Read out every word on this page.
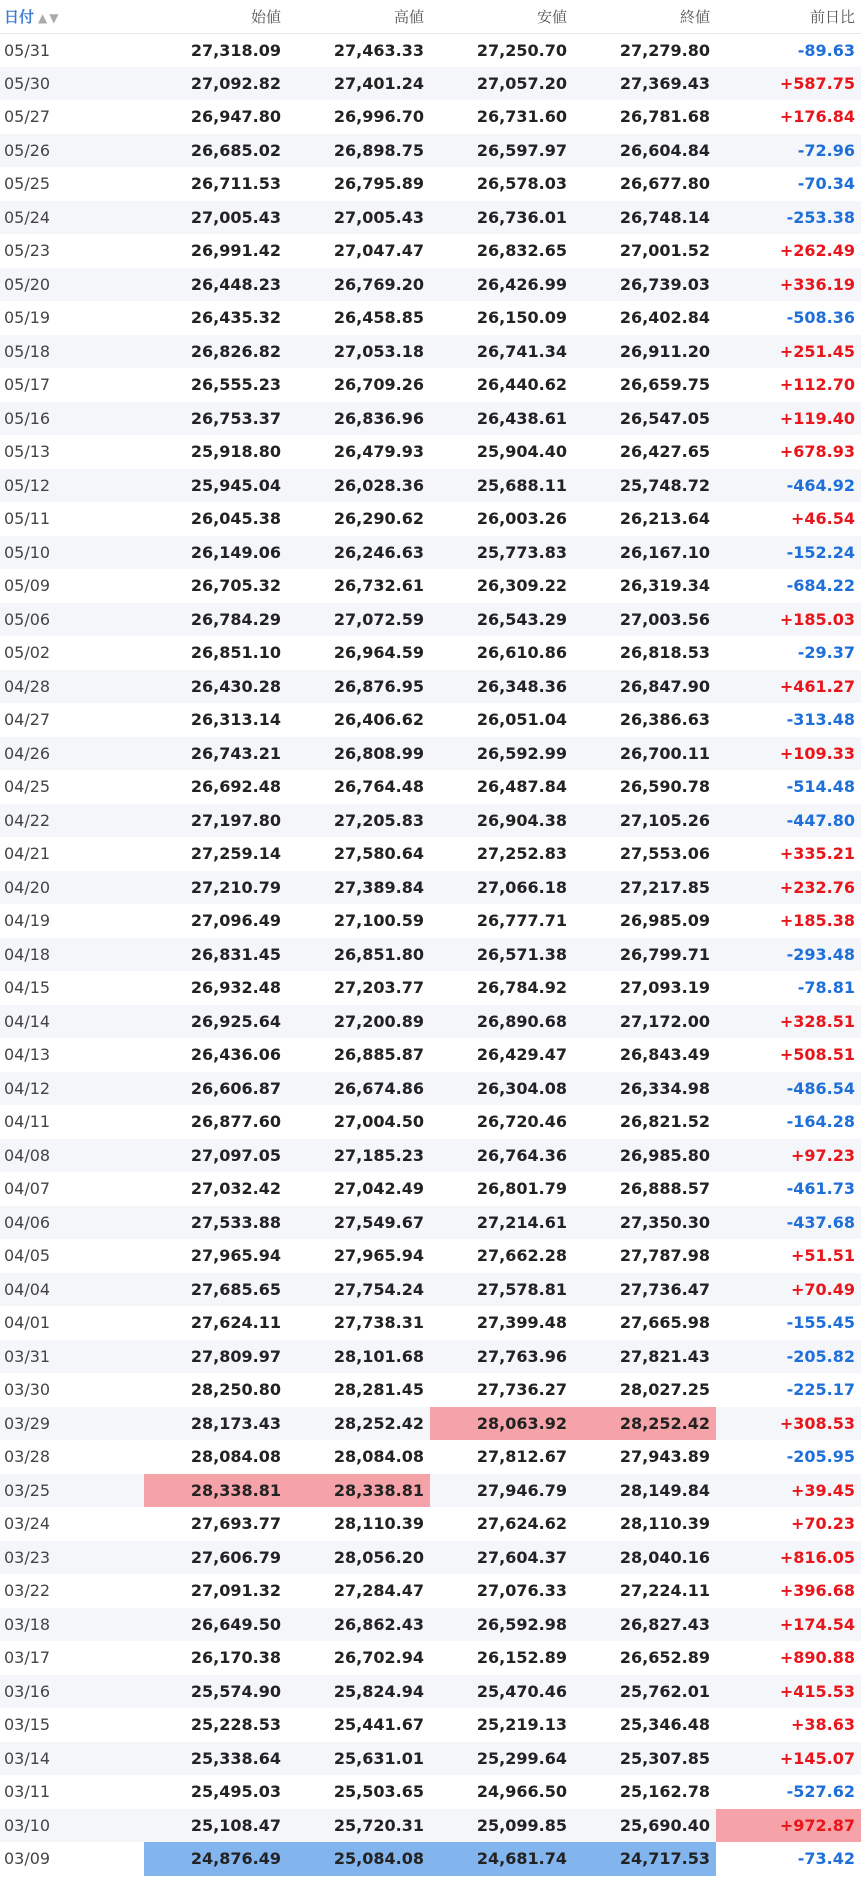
日付 ▲▼	始値	高値	安値	終値	前日比
05/31	27,318.09	27,463.33	27,250.70	27,279.80	-89.63
05/30	27,092.82	27,401.24	27,057.20	27,369.43	+587.75
05/27	26,947.80	26,996.70	26,731.60	26,781.68	+176.84
05/26	26,685.02	26,898.75	26,597.97	26,604.84	-72.96
05/25	26,711.53	26,795.89	26,578.03	26,677.80	-70.34
05/24	27,005.43	27,005.43	26,736.01	26,748.14	-253.38
05/23	26,991.42	27,047.47	26,832.65	27,001.52	+262.49
05/20	26,448.23	26,769.20	26,426.99	26,739.03	+336.19
05/19	26,435.32	26,458.85	26,150.09	26,402.84	-508.36
05/18	26,826.82	27,053.18	26,741.34	26,911.20	+251.45
05/17	26,555.23	26,709.26	26,440.62	26,659.75	+112.70
05/16	26,753.37	26,836.96	26,438.61	26,547.05	+119.40
05/13	25,918.80	26,479.93	25,904.40	26,427.65	+678.93
05/12	25,945.04	26,028.36	25,688.11	25,748.72	-464.92
05/11	26,045.38	26,290.62	26,003.26	26,213.64	+46.54
05/10	26,149.06	26,246.63	25,773.83	26,167.10	-152.24
05/09	26,705.32	26,732.61	26,309.22	26,319.34	-684.22
05/06	26,784.29	27,072.59	26,543.29	27,003.56	+185.03
05/02	26,851.10	26,964.59	26,610.86	26,818.53	-29.37
04/28	26,430.28	26,876.95	26,348.36	26,847.90	+461.27
04/27	26,313.14	26,406.62	26,051.04	26,386.63	-313.48
04/26	26,743.21	26,808.99	26,592.99	26,700.11	+109.33
04/25	26,692.48	26,764.48	26,487.84	26,590.78	-514.48
04/22	27,197.80	27,205.83	26,904.38	27,105.26	-447.80
04/21	27,259.14	27,580.64	27,252.83	27,553.06	+335.21
04/20	27,210.79	27,389.84	27,066.18	27,217.85	+232.76
04/19	27,096.49	27,100.59	26,777.71	26,985.09	+185.38
04/18	26,831.45	26,851.80	26,571.38	26,799.71	-293.48
04/15	26,932.48	27,203.77	26,784.92	27,093.19	-78.81
04/14	26,925.64	27,200.89	26,890.68	27,172.00	+328.51
04/13	26,436.06	26,885.87	26,429.47	26,843.49	+508.51
04/12	26,606.87	26,674.86	26,304.08	26,334.98	-486.54
04/11	26,877.60	27,004.50	26,720.46	26,821.52	-164.28
04/08	27,097.05	27,185.23	26,764.36	26,985.80	+97.23
04/07	27,032.42	27,042.49	26,801.79	26,888.57	-461.73
04/06	27,533.88	27,549.67	27,214.61	27,350.30	-437.68
04/05	27,965.94	27,965.94	27,662.28	27,787.98	+51.51
04/04	27,685.65	27,754.24	27,578.81	27,736.47	+70.49
04/01	27,624.11	27,738.31	27,399.48	27,665.98	-155.45
03/31	27,809.97	28,101.68	27,763.96	27,821.43	-205.82
03/30	28,250.80	28,281.45	27,736.27	28,027.25	-225.17
03/29	28,173.43	28,252.42	28,063.92	28,252.42	+308.53
03/28	28,084.08	28,084.08	27,812.67	27,943.89	-205.95
03/25	28,338.81	28,338.81	27,946.79	28,149.84	+39.45
03/24	27,693.77	28,110.39	27,624.62	28,110.39	+70.23
03/23	27,606.79	28,056.20	27,604.37	28,040.16	+816.05
03/22	27,091.32	27,284.47	27,076.33	27,224.11	+396.68
03/18	26,649.50	26,862.43	26,592.98	26,827.43	+174.54
03/17	26,170.38	26,702.94	26,152.89	26,652.89	+890.88
03/16	25,574.90	25,824.94	25,470.46	25,762.01	+415.53
03/15	25,228.53	25,441.67	25,219.13	25,346.48	+38.63
03/14	25,338.64	25,631.01	25,299.64	25,307.85	+145.07
03/11	25,495.03	25,503.65	24,966.50	25,162.78	-527.62
03/10	25,108.47	25,720.31	25,099.85	25,690.40	+972.87
03/09	24,876.49	25,084.08	24,681.74	24,717.53	-73.42
